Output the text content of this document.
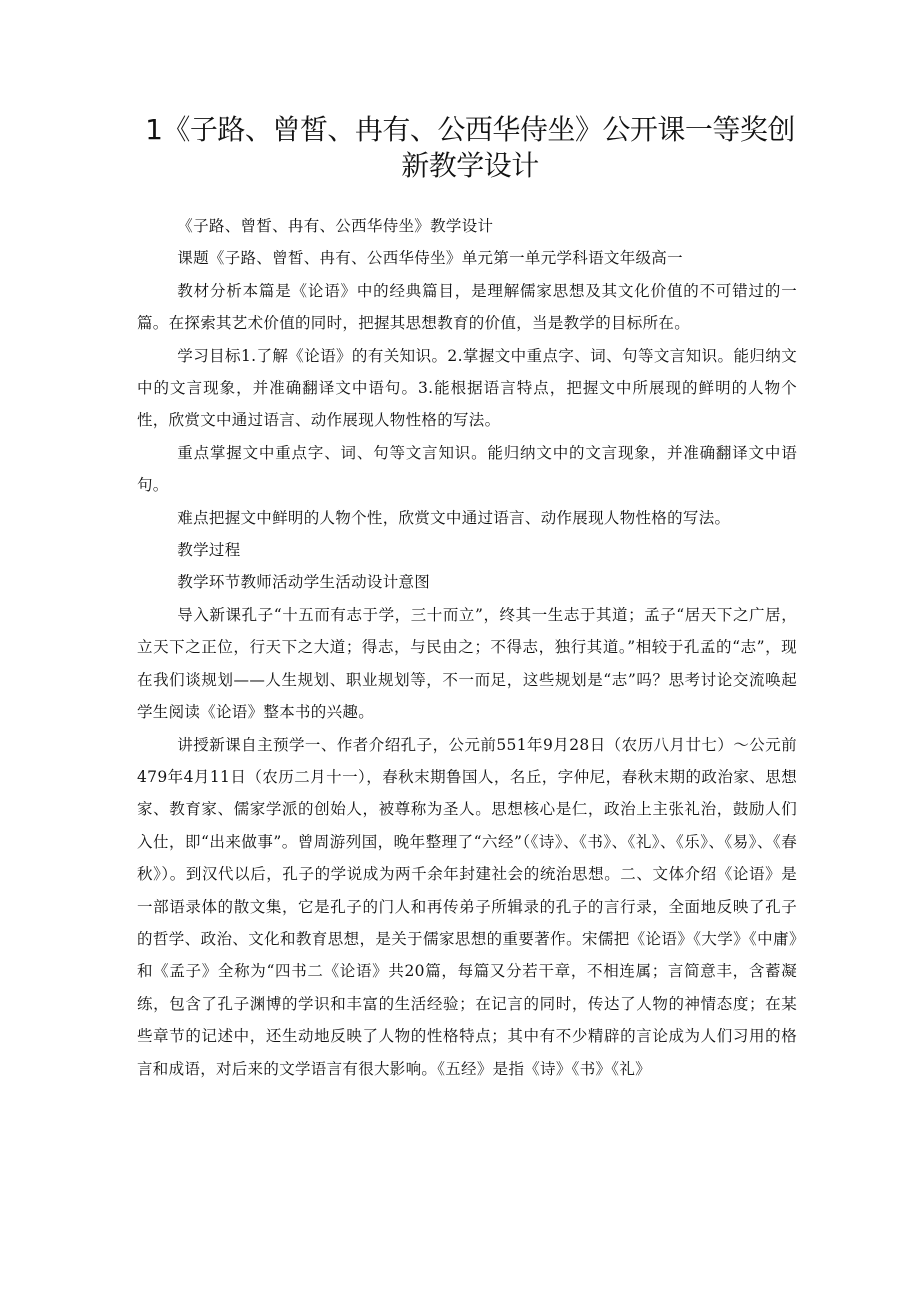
1《子路、曾皙、冉有、公西华侍坐》公开课一等奖创
新教学设计

《子路、曾皙、冉有、公西华侍坐》教学设计

课题《子路、曾皙、冉有、公西华侍坐》单元第一单元学科语文年级高一

教材分析本篇是《论语》中的经典篇目，是理解儒家思想及其文化价值的不可错过的一篇。在探索其艺术价值的同时，把握其思想教育的价值，当是教学的目标所在。

学习目标1.了解《论语》的有关知识。2.掌握文中重点字、词、句等文言知识。能归纳文中的文言现象，并准确翻译文中语句。3.能根据语言特点，把握文中所展现的鲜明的人物个性，欣赏文中通过语言、动作展现人物性格的写法。

重点掌握文中重点字、词、句等文言知识。能归纳文中的文言现象，并准确翻译文中语句。

难点把握文中鲜明的人物个性，欣赏文中通过语言、动作展现人物性格的写法。

教学过程

教学环节教师活动学生活动设计意图

导入新课孔子“十五而有志于学，三十而立”，终其一生志于其道；孟子“居天下之广居，立天下之正位，行天下之大道；得志，与民由之；不得志，独行其道。”相较于孔孟的“志”，现在我们谈规划——人生规划、职业规划等，不一而足，这些规划是“志”吗？思考讨论交流唤起学生阅读《论语》整本书的兴趣。

讲授新课自主预学一、作者介绍孔子，公元前551年9月28日（农历八月廿七）～公元前479年4月11日（农历二月十一），春秋末期鲁国人，名丘，字仲尼，春秋末期的政治家、思想家、教育家、儒家学派的创始人，被尊称为圣人。思想核心是仁，政治上主张礼治，鼓励人们入仕，即“出来做事”。曾周游列国，晚年整理了“六经”（《诗》、《书》、《礼》、《乐》、《易》、《春秋》）。到汉代以后，孔子的学说成为两千余年封建社会的统治思想。二、文体介绍《论语》是一部语录体的散文集，它是孔子的门人和再传弟子所辑录的孔子的言行录，全面地反映了孔子的哲学、政治、文化和教育思想，是关于儒家思想的重要著作。宋儒把《论语》《大学》《中庸》和《孟子》全称为“四书二《论语》共20篇，每篇又分若干章，不相连属；言简意丰，含蓄凝练，包含了孔子渊博的学识和丰富的生活经验；在记言的同时，传达了人物的神情态度；在某些章节的记述中，还生动地反映了人物的性格特点；其中有不少精辟的言论成为人们习用的格言和成语，对后来的文学语言有很大影响。《五经》是指《诗》《书》《礼》
